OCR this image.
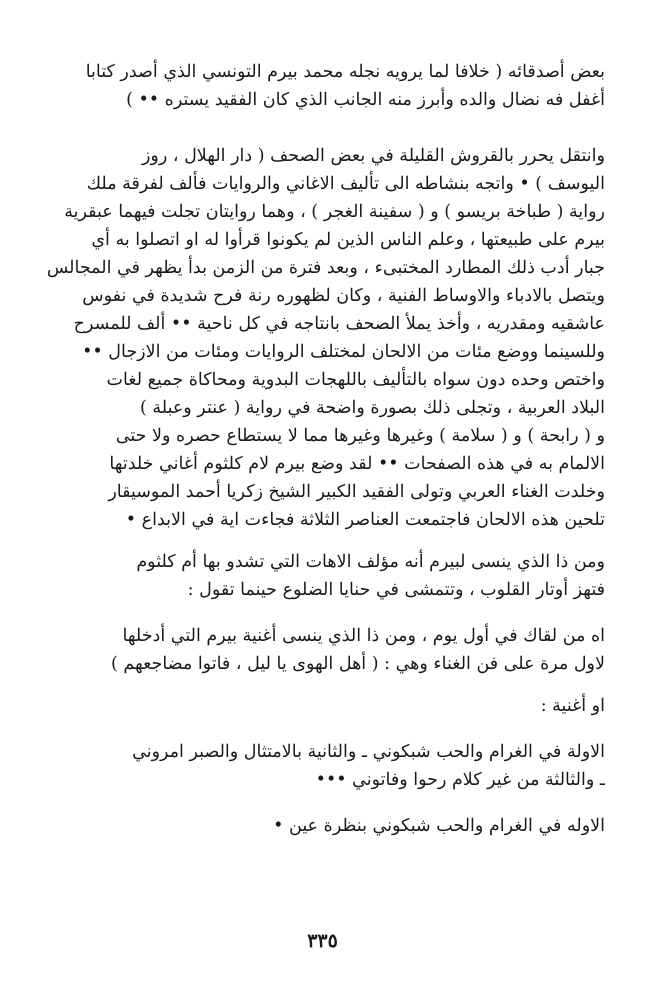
بعض أصدقائه ( خلافا لما يرويه نجله محمد بيرم التونسي الذي أصدر كتابا
أغفل فه نضال والده وأبرز منه الجانب الذي كان الفقيد يستره •• )

وانتقل يحرر بالقروش القليلة في بعض الصحف ( دار الهلال ، روز
اليوسف ) • واتجه بنشاطه الى تأليف الاغاني والروايات فألف لفرقة ملك
رواية ( طباخة بريسو ) و ( سفينة الغجر ) ، وهما روايتان تجلت فيهما عبقرية
بيرم على طبيعتها ، وعلم الناس الذين لم يكونوا قرأوا له او اتصلوا به أي
جبار أدب ذلك المطارد المختبىء ، وبعد فترة من الزمن بدأ يظهر في المجالس
ويتصل بالادباء والاوساط الفنية ، وكان لظهوره رنة فرح شديدة في نفوس
عاشقيه ومقدريه ، وأخذ يملأ الصحف بانتاجه في كل ناحية •• ألف للمسرح
وللسينما ووضع مئات من الالحان لمختلف الروايات ومئات من الازجال ••
واختص وحده دون سواه بالتأليف باللهجات البدوية ومحاكاة جميع لغات
البلاد العربية ، وتجلى ذلك بصورة واضحة في رواية ( عنتر وعبلة )
و ( رابحة ) و ( سلامة ) وغيرها وغيرها مما لا يستطاع حصره ولا حتى
الالمام به في هذه الصفحات •• لقد وضع بيرم لام كلثوم أغاني خلدتها
وخلدت الغناء العربي وتولى الفقيد الكبير الشيخ زكريا أحمد الموسيقار
تلحين هذه الالحان فاجتمعت العناصر الثلاثة فجاءت اية في الابداع •

ومن ذا الذي ينسى لبيرم أنه مؤلف الاهات التي تشدو بها أم كلثوم
فتهز أوتار القلوب ، وتتمشى في حنايا الضلوع حينما تقول :

اه من لقاك في أول يوم ، ومن ذا الذي ينسى أغنية بيرم التي أدخلها
لاول مرة على فن الغناء وهي : ( أهل الهوى يا ليل ، فاتوا مضاجعهم )

او أغنية :

الاولة في الغرام والحب شبكوني ـ والثانية بالامتثال والصبر امروني
ـ والثالثة من غير كلام رحوا وفاتوني •••

الاوله في الغرام والحب شبكوني بنظرة عين •

٣٣٥
